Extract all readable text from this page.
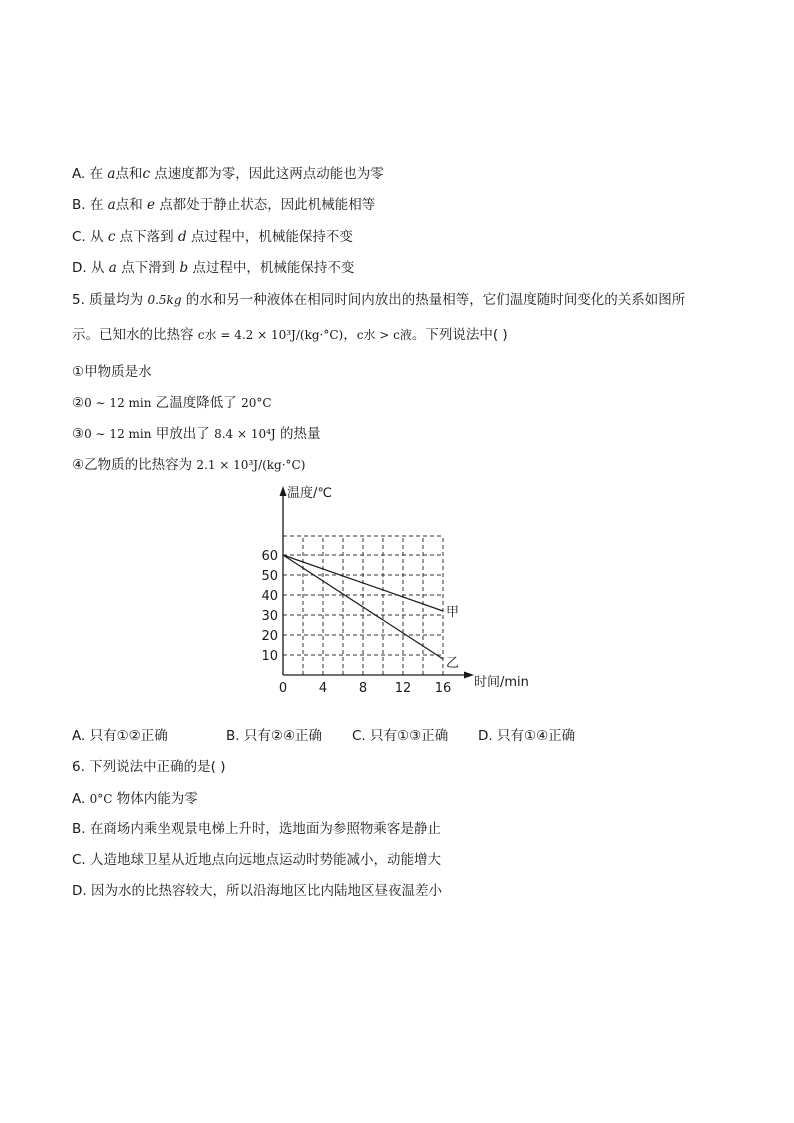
A. 在 a点和c 点速度都为零，因此这两点动能也为零
B. 在 a点和 e 点都处于静止状态，因此机械能相等
C. 从 c 点下落到 d 点过程中，机械能保持不变
D. 从 a 点下滑到 b 点过程中，机械能保持不变
5. 质量均为 0.5kg 的水和另一种液体在相同时间内放出的热量相等，它们温度随时间变化的关系如图所
示。已知水的比热容 c水 = 4.2 × 10³J/(kg·°C)，c水 > c液。下列说法中( )
①甲物质是水
②0 ∼ 12 min 乙温度降低了 20°C
③0 ∼ 12 min 甲放出了 8.4 × 10⁴J 的热量
④乙物质的比热容为 2.1 × 10³J/(kg·°C)
温度/℃
时间/min
0 4 8 12 16
10
20
30
40
50
60
甲
乙
A. 只有①②正确	B. 只有②④正确 C. 只有①③正确 D. 只有①④正确
6. 下列说法中正确的是( )
A. 0°C 物体内能为零
B. 在商场内乘坐观景电梯上升时，选地面为参照物乘客是静止
C. 人造地球卫星从近地点向远地点运动时势能减小，动能增大
D. 因为水的比热容较大，所以沿海地区比内陆地区昼夜温差小
